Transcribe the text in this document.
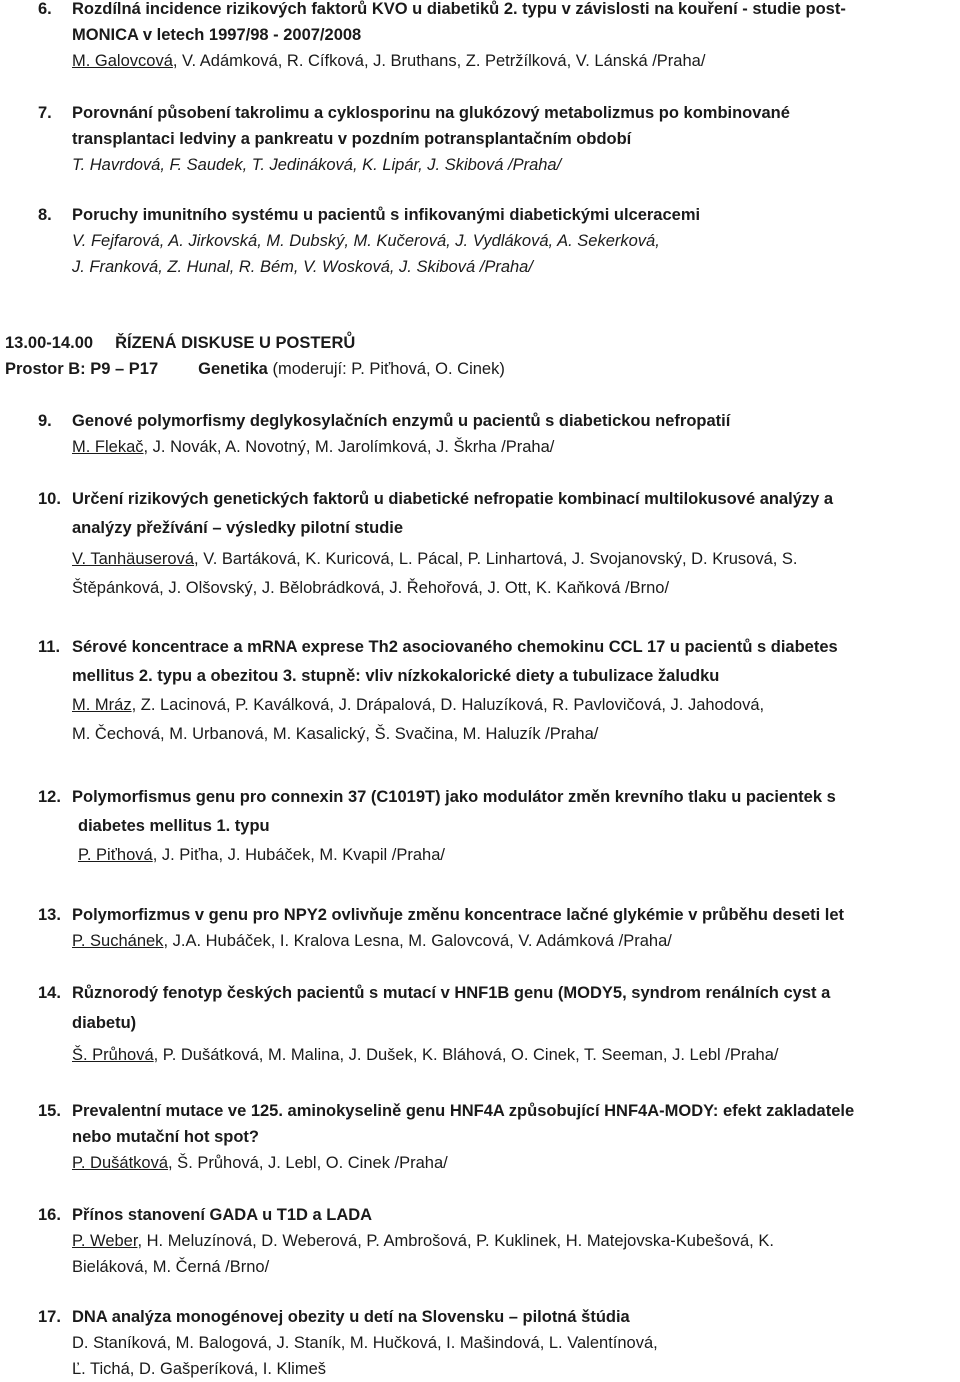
6. Rozdílná incidence rizikových faktorů KVO u diabetiků 2. typu v závislosti na kouření - studie post-
MONICA v letech 1997/98 - 2007/2008
M. Galovcová, V. Adámková, R. Cífková, J. Bruthans, Z. Petržílková, V. Lánská /Praha/
7. Porovnání působení takrolimu a cyklosporinu na glukózový metabolizmus po kombinované
transplantaci ledviny a pankreatu v pozdním potransplantačním období
T. Havrdová, F. Saudek, T. Jedináková, K. Lipár, J. Skibová /Praha/
8. Poruchy imunitního systému u pacientů s infikovanými diabetickými ulceracemi
V. Fejfarová, A. Jirkovská, M. Dubský, M. Kučerová, J. Vydláková, A. Sekerková,
J. Franková, Z. Hunal, R. Bém, V. Wosková, J. Skibová /Praha/
13.00-14.00 ŘÍZENÁ DISKUSE U POSTERŮ
Prostor B: P9 – P17 Genetika (moderují: P. Piťhová, O. Cinek)
9. Genové polymorfismy deglykosylačních enzymů u pacientů s diabetickou nefropatií
M. Flekač, J. Novák, A. Novotný, M. Jarolímková, J. Škrha /Praha/
10. Určení rizikových genetických faktorů u diabetické nefropatie kombinací multilokusové analýzy a
analýzy přežívání – výsledky pilotní studie
V. Tanhäuserová, V. Bartáková, K. Kuricová, L. Pácal, P. Linhartová, J. Svojanovský, D. Krusová, S.
Štěpánková, J. Olšovský, J. Bělobrádková, J. Řehořová, J. Ott, K. Kaňková /Brno/
11. Sérové koncentrace a mRNA exprese Th2 asociovaného chemokinu CCL 17 u pacientů s diabetes
mellitus 2. typu a obezitou 3. stupně: vliv nízkokalorické diety a tubulizace žaludku
M. Mráz, Z. Lacinová, P. Kaválková, J. Drápalová, D. Haluzíková, R. Pavlovičová, J. Jahodová,
M. Čechová, M. Urbanová, M. Kasalický, Š. Svačina, M. Haluzík /Praha/
12. Polymorfismus genu pro connexin 37 (C1019T) jako modulátor změn krevního tlaku u pacientek s
diabetes mellitus 1. typu
P. Piťhová, J. Piťha, J. Hubáček, M. Kvapil /Praha/
13. Polymorfizmus v genu pro NPY2 ovlivňuje změnu koncentrace lačné glykémie v průběhu deseti let
P. Suchánek, J.A. Hubáček, I. Kralova Lesna, M. Galovcová, V. Adámková /Praha/
14. Různorodý fenotyp českých pacientů s mutací v HNF1B genu (MODY5, syndrom renálních cyst a
diabetu)
Š. Průhová, P. Dušátková, M. Malina, J. Dušek, K. Bláhová, O. Cinek, T. Seeman, J. Lebl /Praha/
15. Prevalentní mutace ve 125. aminokyselině genu HNF4A způsobující HNF4A-MODY: efekt zakladatele
nebo mutační hot spot?
P. Dušátková, Š. Průhová, J. Lebl, O. Cinek /Praha/
16. Přínos stanovení GADA u T1D a LADA
P. Weber, H. Meluzínová, D. Weberová, P. Ambrošová, P. Kuklinek, H. Matejovska-Kubešová, K.
Bieláková, M. Černá /Brno/
17. DNA analýza monogénovej obezity u detí na Slovensku – pilotná štúdia
D. Staníková, M. Balogová, J. Staník, M. Hučková, I. Mašindová, L. Valentínová,
Ľ. Tichá, D. Gašperíková, I. Klimeš
